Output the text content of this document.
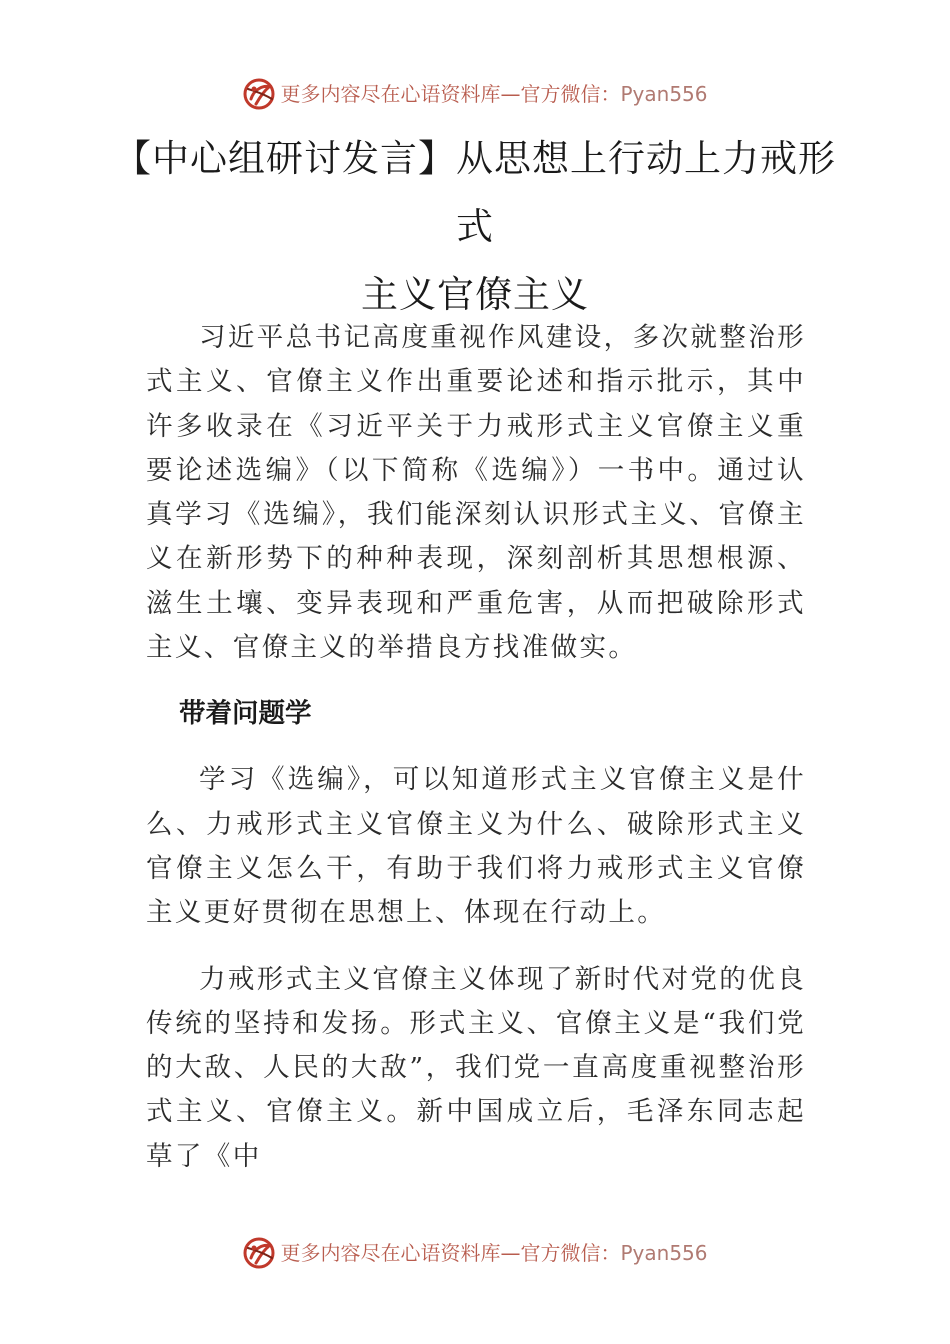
更多内容尽在心语资料库—官方微信：Pyan556
【中心组研讨发言】从思想上行动上力戒形式
主义官僚主义

习近平总书记高度重视作风建设，多次就整治形式主义、官僚主义作出重要论述和指示批示，其中许多收录在《习近平关于力戒形式主义官僚主义重要论述选编》（以下简称《选编》）一书中。通过认真学习《选编》，我们能深刻认识形式主义、官僚主义在新形势下的种种表现，深刻剖析其思想根源、滋生土壤、变异表现和严重危害，从而把破除形式主义、官僚主义的举措良方找准做实。

带着问题学

学习《选编》，可以知道形式主义官僚主义是什么、力戒形式主义官僚主义为什么、破除形式主义官僚主义怎么干，有助于我们将力戒形式主义官僚主义更好贯彻在思想上、体现在行动上。

力戒形式主义官僚主义体现了新时代对党的优良传统的坚持和发扬。形式主义、官僚主义是“我们党的大敌、人民的大敌”，我们党一直高度重视整治形式主义、官僚主义。新中国成立后，毛泽东同志起草了《中

更多内容尽在心语资料库—官方微信：Pyan556
